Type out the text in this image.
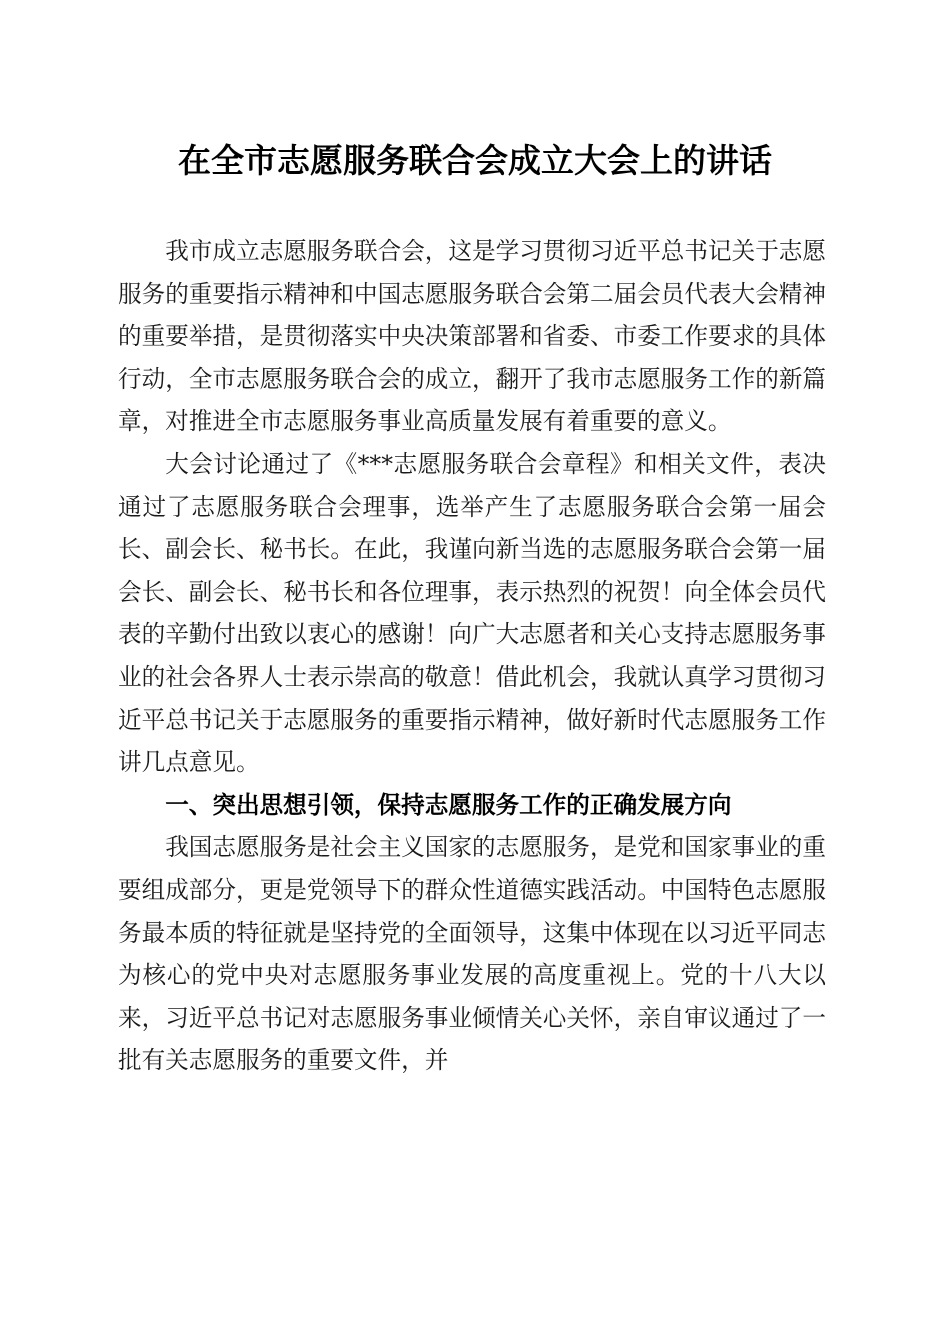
在全市志愿服务联合会成立大会上的讲话

我市成立志愿服务联合会，这是学习贯彻习近平总书记关于志愿服务的重要指示精神和中国志愿服务联合会第二届会员代表大会精神的重要举措，是贯彻落实中央决策部署和省委、市委工作要求的具体行动，全市志愿服务联合会的成立，翻开了我市志愿服务工作的新篇章，对推进全市志愿服务事业高质量发展有着重要的意义。

大会讨论通过了《***志愿服务联合会章程》和相关文件，表决通过了志愿服务联合会理事，选举产生了志愿服务联合会第一届会长、副会长、秘书长。在此，我谨向新当选的志愿服务联合会第一届会长、副会长、秘书长和各位理事，表示热烈的祝贺！向全体会员代表的辛勤付出致以衷心的感谢！向广大志愿者和关心支持志愿服务事业的社会各界人士表示崇高的敬意！借此机会，我就认真学习贯彻习近平总书记关于志愿服务的重要指示精神，做好新时代志愿服务工作讲几点意见。

一、突出思想引领，保持志愿服务工作的正确发展方向

我国志愿服务是社会主义国家的志愿服务，是党和国家事业的重要组成部分，更是党领导下的群众性道德实践活动。中国特色志愿服务最本质的特征就是坚持党的全面领导，这集中体现在以习近平同志为核心的党中央对志愿服务事业发展的高度重视上。党的十八大以来，习近平总书记对志愿服务事业倾情关心关怀，亲自审议通过了一批有关志愿服务的重要文件，并
